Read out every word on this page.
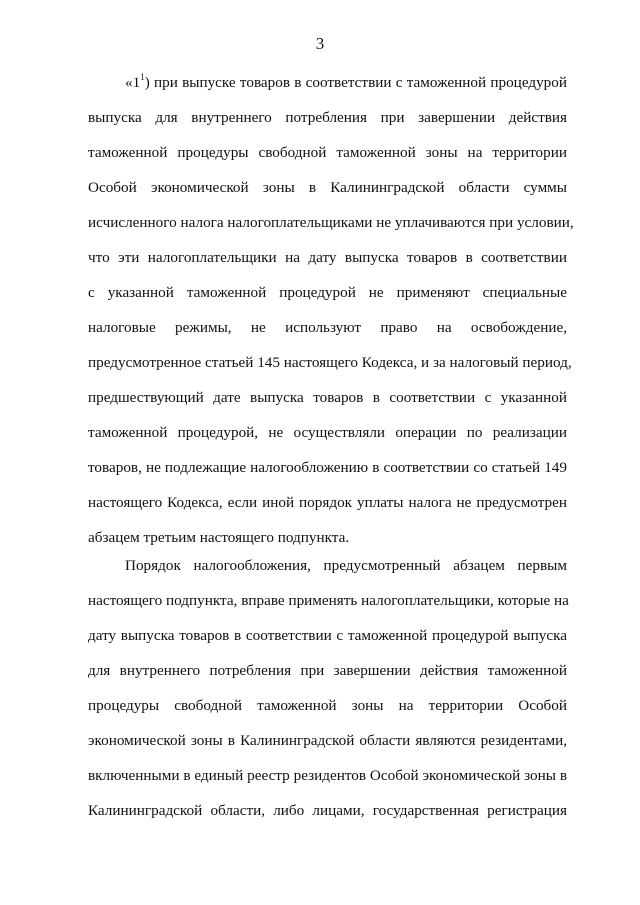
3
«$1^1$) при выпуске товаров в соответствии с таможенной процедурой
выпуска для внутреннего потребления при завершении действия
таможенной процедуры свободной таможенной зоны на территории
Особой экономической зоны в Калининградской области суммы
исчисленного налога налогоплательщиками не уплачиваются при условии,
что эти налогоплательщики на дату выпуска товаров в соответствии
с указанной таможенной процедурой не применяют специальные
налоговые режимы, не используют право на освобождение,
предусмотренное статьей 145 настоящего Кодекса, и за налоговый период,
предшествующий дате выпуска товаров в соответствии с указанной
таможенной процедурой, не осуществляли операции по реализации
товаров, не подлежащие налогообложению в соответствии со статьей 149
настоящего Кодекса, если иной порядок уплаты налога не предусмотрен
абзацем третьим настоящего подпункта.
Порядок налогообложения, предусмотренный абзацем первым
настоящего подпункта, вправе применять налогоплательщики, которые на
дату выпуска товаров в соответствии с таможенной процедурой выпуска
для внутреннего потребления при завершении действия таможенной
процедуры свободной таможенной зоны на территории Особой
экономической зоны в Калининградской области являются резидентами,
включенными в единый реестр резидентов Особой экономической зоны в
Калининградской области, либо лицами, государственная регистрация
